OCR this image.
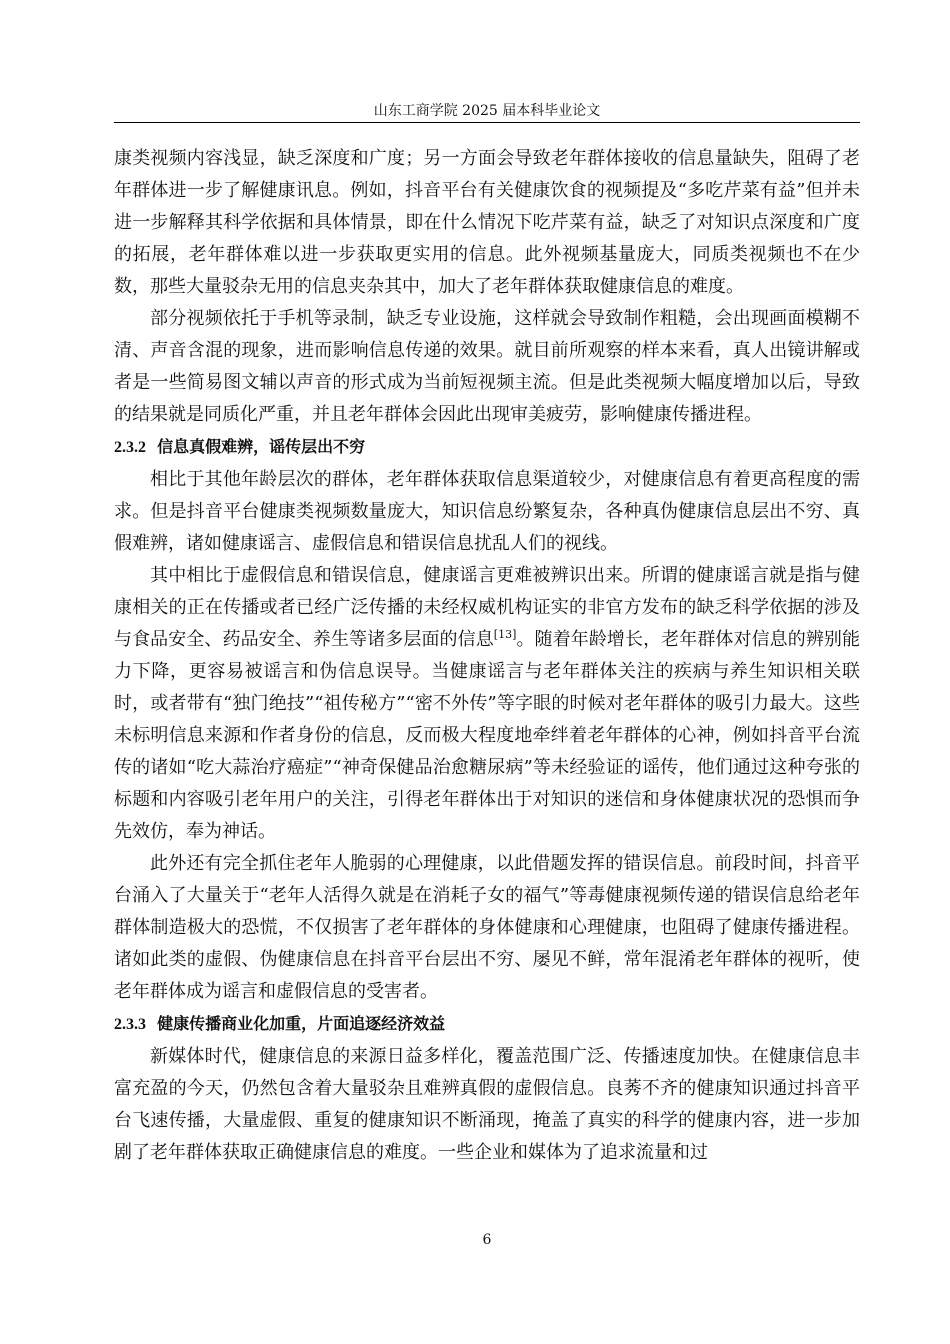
山东工商学院 2025 届本科毕业论文

康类视频内容浅显，缺乏深度和广度；另一方面会导致老年群体接收的信息量缺失，阻碍了老年群体进一步了解健康讯息。例如，抖音平台有关健康饮食的视频提及“多吃芹菜有益”但并未进一步解释其科学依据和具体情景，即在什么情况下吃芹菜有益，缺乏了对知识点深度和广度的拓展，老年群体难以进一步获取更实用的信息。此外视频基量庞大，同质类视频也不在少数，那些大量驳杂无用的信息夹杂其中，加大了老年群体获取健康信息的难度。

部分视频依托于手机等录制，缺乏专业设施，这样就会导致制作粗糙，会出现画面模糊不清、声音含混的现象，进而影响信息传递的效果。就目前所观察的样本来看，真人出镜讲解或者是一些简易图文辅以声音的形式成为当前短视频主流。但是此类视频大幅度增加以后，导致的结果就是同质化严重，并且老年群体会因此出现审美疲劳，影响健康传播进程。

2.3.2 信息真假难辨，谣传层出不穷

相比于其他年龄层次的群体，老年群体获取信息渠道较少，对健康信息有着更高程度的需求。但是抖音平台健康类视频数量庞大，知识信息纷繁复杂，各种真伪健康信息层出不穷、真假难辨，诸如健康谣言、虚假信息和错误信息扰乱人们的视线。

其中相比于虚假信息和错误信息，健康谣言更难被辨识出来。所谓的健康谣言就是指与健康相关的正在传播或者已经广泛传播的未经权威机构证实的非官方发布的缺乏科学依据的涉及与食品安全、药品安全、养生等诸多层面的信息[13]。随着年龄增长，老年群体对信息的辨别能力下降，更容易被谣言和伪信息误导。当健康谣言与老年群体关注的疾病与养生知识相关联时，或者带有“独门绝技”“祖传秘方”“密不外传”等字眼的时候对老年群体的吸引力最大。这些未标明信息来源和作者身份的信息，反而极大程度地牵绊着老年群体的心神，例如抖音平台流传的诸如“吃大蒜治疗癌症”“神奇保健品治愈糖尿病”等未经验证的谣传，他们通过这种夸张的标题和内容吸引老年用户的关注，引得老年群体出于对知识的迷信和身体健康状况的恐惧而争先效仿，奉为神话。

此外还有完全抓住老年人脆弱的心理健康，以此借题发挥的错误信息。前段时间，抖音平台涌入了大量关于“老年人活得久就是在消耗子女的福气”等毒健康视频传递的错误信息给老年群体制造极大的恐慌，不仅损害了老年群体的身体健康和心理健康，也阻碍了健康传播进程。诸如此类的虚假、伪健康信息在抖音平台层出不穷、屡见不鲜，常年混淆老年群体的视听，使老年群体成为谣言和虚假信息的受害者。

2.3.3 健康传播商业化加重，片面追逐经济效益

新媒体时代，健康信息的来源日益多样化，覆盖范围广泛、传播速度加快。在健康信息丰富充盈的今天，仍然包含着大量驳杂且难辨真假的虚假信息。良莠不齐的健康知识通过抖音平台飞速传播，大量虚假、重复的健康知识不断涌现，掩盖了真实的科学的健康内容，进一步加剧了老年群体获取正确健康信息的难度。一些企业和媒体为了追求流量和过

6
